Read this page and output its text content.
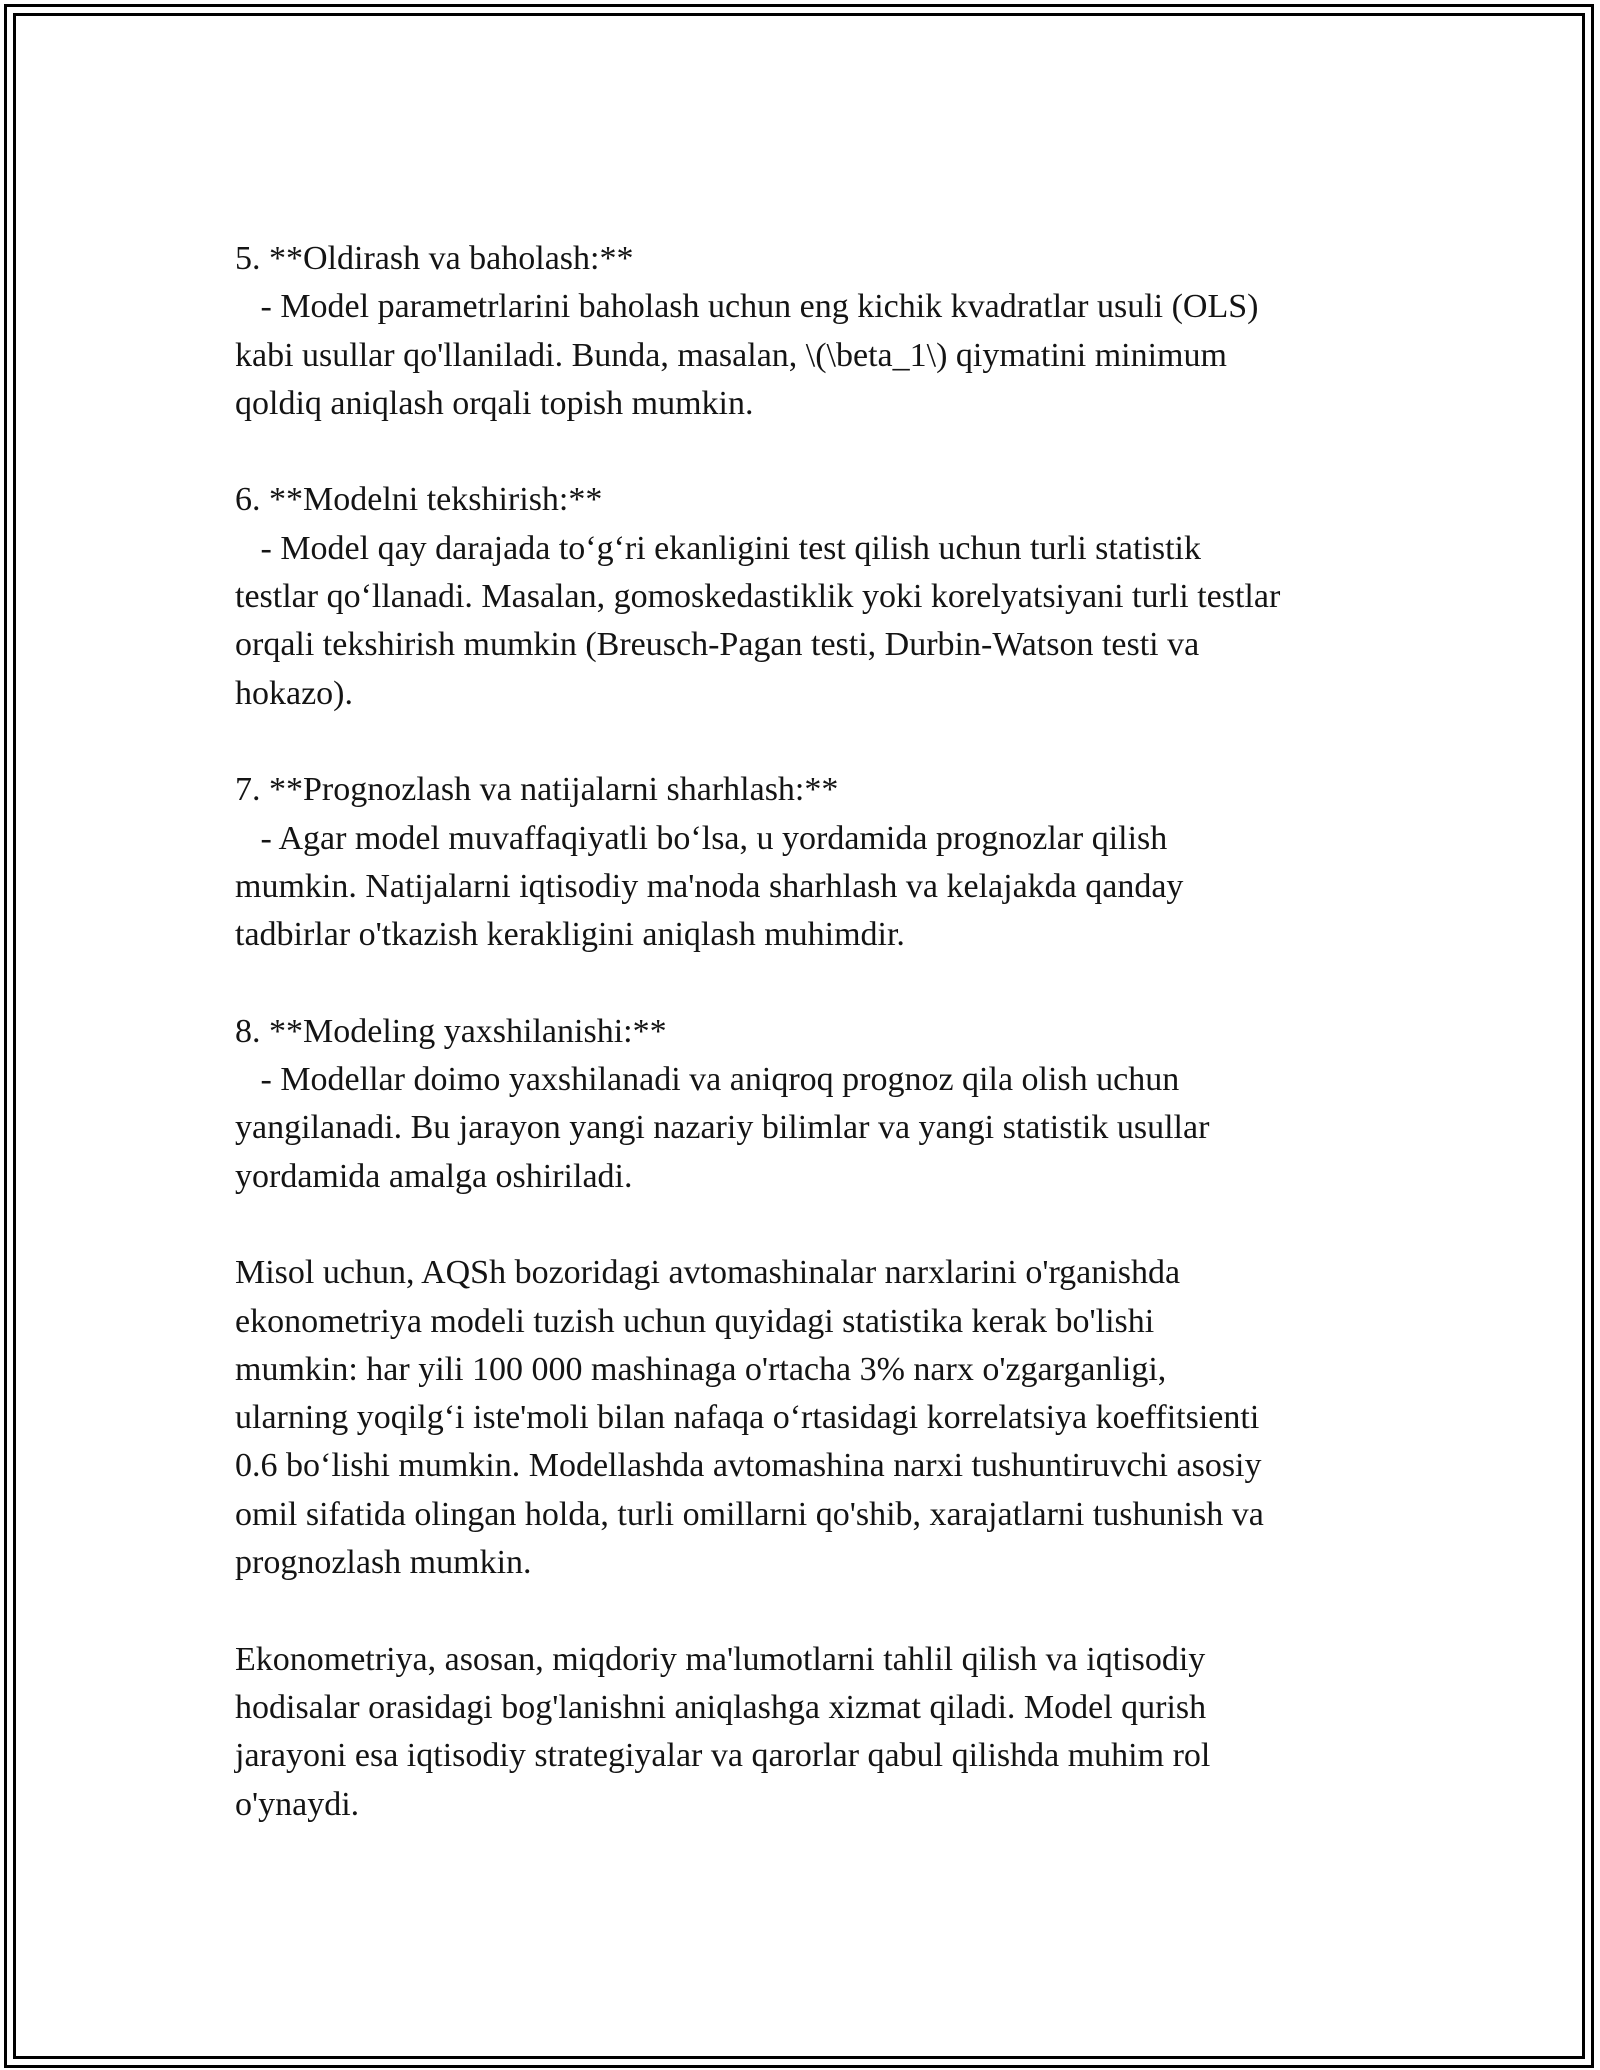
5. **Oldirash va baholash:**
- Model parametrlarini baholash uchun eng kichik kvadratlar usuli (OLS)
kabi usullar qo'llaniladi. Bunda, masalan, \(\beta_1\) qiymatini minimum
qoldiq aniqlash orqali topish mumkin.
6. **Modelni tekshirish:**
- Model qay darajada to‘g‘ri ekanligini test qilish uchun turli statistik
testlar qo‘llanadi. Masalan, gomoskedastiklik yoki korelyatsiyani turli testlar
orqali tekshirish mumkin (Breusch-Pagan testi, Durbin-Watson testi va
hokazo).
7. **Prognozlash va natijalarni sharhlash:**
- Agar model muvaffaqiyatli bo‘lsa, u yordamida prognozlar qilish
mumkin. Natijalarni iqtisodiy ma'noda sharhlash va kelajakda qanday
tadbirlar o'tkazish kerakligini aniqlash muhimdir.
8. **Modeling yaxshilanishi:**
- Modellar doimo yaxshilanadi va aniqroq prognoz qila olish uchun
yangilanadi. Bu jarayon yangi nazariy bilimlar va yangi statistik usullar
yordamida amalga oshiriladi.
Misol uchun, AQSh bozoridagi avtomashinalar narxlarini o'rganishda
ekonometriya modeli tuzish uchun quyidagi statistika kerak bo'lishi
mumkin: har yili 100 000 mashinaga o'rtacha 3% narx o'zgarganligi,
ularning yoqilg‘i iste'moli bilan nafaqa o‘rtasidagi korrelatsiya koeffitsienti
0.6 bo‘lishi mumkin. Modellashda avtomashina narxi tushuntiruvchi asosiy
omil sifatida olingan holda, turli omillarni qo'shib, xarajatlarni tushunish va
prognozlash mumkin.
Ekonometriya, asosan, miqdoriy ma'lumotlarni tahlil qilish va iqtisodiy
hodisalar orasidagi bog'lanishni aniqlashga xizmat qiladi. Model qurish
jarayoni esa iqtisodiy strategiyalar va qarorlar qabul qilishda muhim rol
o'ynaydi.
